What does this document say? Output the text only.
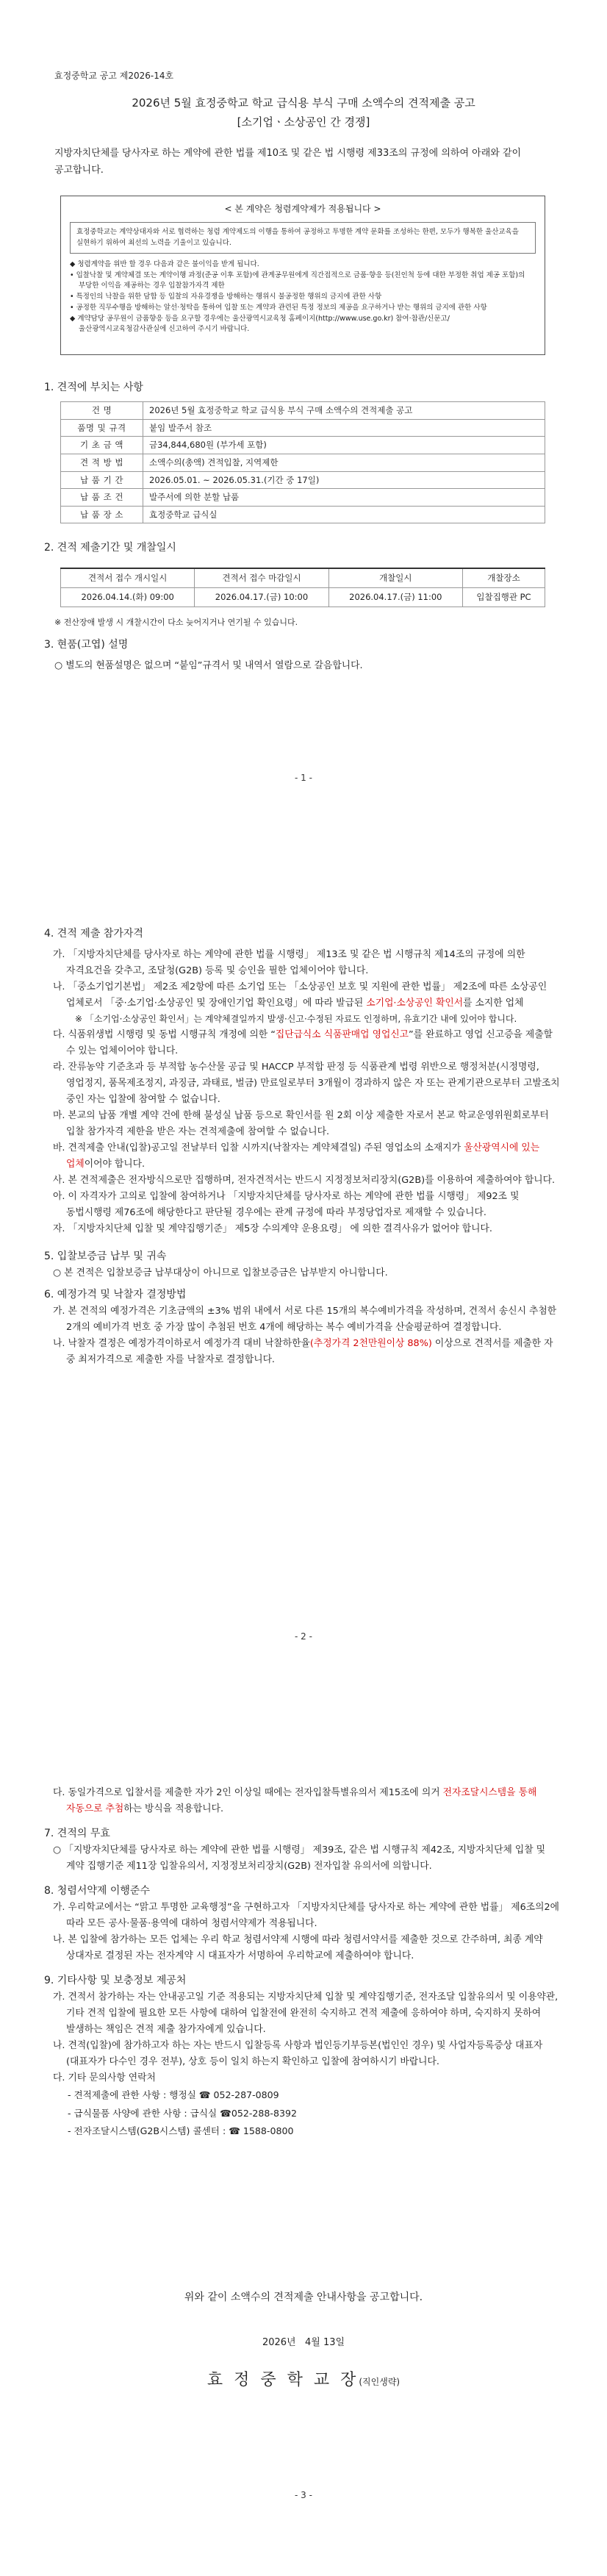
효정중학교 공고 제2026-14호
2026년 5월 효정중학교 학교 급식용 부식 구매 소액수의 견적제출 공고
[소기업ㆍ소상공인 간 경쟁]
지방자치단체를 당사자로 하는 계약에 관한 법률 제10조 및 같은 법 시행령 제33조의 규정에 의하여 아래와 같이 공고합니다.
< 본 계약은 청렴계약제가 적용됩니다 >
효정중학교는 계약상대자와 서로 협력하는 청렴 계약제도의 이행을 통하여 공정하고 투명한 계약 문화를 조성하는 한편, 모두가 행복한 울산교육을 실현하기 위하여 최선의 노력을 기울이고 있습니다.
◆ 청렴계약을 위반 할 경우 다음과 같은 불이익을 받게 됩니다.
• 입찰낙찰 및 계약체결 또는 계약이행 과정(준공 이후 포함)에 관계공무원에게 직간접적으로 금품·향응 등(친인척 등에 대한 부정한 취업 제공 포함)의 부당한 이익을 제공하는 경우 입찰참가자격 제한
• 특정인의 낙찰을 위한 담합 등 입찰의 자유경쟁을 방해하는 행위시 불공정한 행위의 금지에 관한 사항
• 공정한 직무수행을 방해하는 알선·청탁을 통하여 입찰 또는 계약과 관련된 특정 정보의 제공을 요구하거나 받는 행위의 금지에 관한 사항
◆ 계약담당 공무원이 금품향응 등을 요구할 경우에는 울산광역시교육청 홈페이지(http://www.use.go.kr) 참여·참관/신문고/울산광역시교육청감사관실에 신고하여 주시기 바랍니다.
1. 견적에 부치는 사항
건 명	2026년 5월 효정중학교 학교 급식용 부식 구매 소액수의 견적제출 공고
품명 및 규격	붙임 발주서 참조
기 초 금 액	금34,844,680원 (부가세 포함)
견 적 방 법	소액수의(총액) 견적입찰, 지역제한
납 품 기 간	2026.05.01. ~ 2026.05.31.(기간 중 17일)
납 품 조 건	발주서에 의한 분할 납품
납 품 장 소	효정중학교 급식실
2. 견적 제출기간 및 개찰일시
견적서 접수 개시일시	견적서 접수 마감일시	개찰일시	개찰장소
2026.04.14.(화) 09:00	2026.04.17.(금) 10:00	2026.04.17.(금) 11:00	입찰집행관 PC
※ 전산장애 발생 시 개찰시간이 다소 늦어지거나 연기될 수 있습니다.
3. 현품(고엽) 설명
○ 별도의 현품설명은 없으며 “붙임”규격서 및 내역서 열람으로 갈음합니다.
- 1 -
4. 견적 제출 참가자격

가. 「지방자치단체를 당사자로 하는 계약에 관한 법률 시행령」 제13조 및 같은 법 시행규칙 제14조의 규정에 의한 자격요건을 갖추고, 조달청(G2B) 등록 및 승인을 필한 업체이어야 합니다.

나. 「중소기업기본법」 제2조 제2항에 따른 소기업 또는 「소상공인 보호 및 지원에 관한 법률」 제2조에 따른 소상공인 업체로서 「중·소기업·소상공인 및 장애인기업 확인요령」에 따라 발급된 소기업·소상공인 확인서를 소지한 업체

※ 「소기업·소상공인 확인서」는 계약체결일까지 발생·신고·수정된 자료도 인정하며, 유효기간 내에 있어야 합니다.

다. 식품위생법 시행령 및 동법 시행규칙 개정에 의한 “집단급식소 식품판매업 영업신고”를 완료하고 영업 신고증을 제출할 수 있는 업체이어야 합니다.

라. 잔류농약 기준초과 등 부적합 농수산물 공급 및 HACCP 부적합 판정 등 식품관계 법령 위반으로 행정처분(시정명령, 영업정지, 품목제조정지, 과징금, 과태료, 벌금) 만료일로부터 3개월이 경과하지 않은 자 또는 관계기관으로부터 고발조치 중인 자는 입찰에 참여할 수 없습니다.

마. 본교의 납품 개별 계약 건에 한해 불성실 납품 등으로 확인서를 원 2회 이상 제출한 자로서 본교 학교운영위원회로부터 입찰 참가자격 제한을 받은 자는 견적제출에 참여할 수 없습니다.

바. 견적제출 안내(입찰)공고일 전날부터 입찰 시까지(낙찰자는 계약체결일) 주된 영업소의 소재지가 울산광역시에 있는 업체이어야 합니다.

사. 본 견적제출은 전자방식으로만 집행하며, 전자견적서는 반드시 지정정보처리장치(G2B)를 이용하여 제출하여야 합니다.

아. 이 자격자가 고의로 입찰에 참여하거나 「지방자치단체를 당사자로 하는 계약에 관한 법률 시행령」 제92조 및 동법시행령 제76조에 해당한다고 판단될 경우에는 관계 규정에 따라 부정당업자로 제재할 수 있습니다.

자. 「지방자치단체 입찰 및 계약집행기준」 제5장 수의계약 운용요령」 에 의한 결격사유가 없어야 합니다.

5. 입찰보증금 납부 및 귀속

○ 본 견적은 입찰보증금 납부대상이 아니므로 입찰보증금은 납부받지 아니합니다.

6. 예정가격 및 낙찰자 결정방법

가. 본 견적의 예정가격은 기초금액의 ±3% 범위 내에서 서로 다른 15개의 복수예비가격을 작성하며, 견적서 송신시 추첨한 2개의 예비가격 번호 중 가장 많이 추첨된 번호 4개에 해당하는 복수 예비가격을 산술평균하여 결정합니다.

나. 낙찰자 결정은 예정가격이하로서 예정가격 대비 낙찰하한율(추정가격 2천만원이상 88%) 이상으로 견적서를 제출한 자 중 최저가격으로 제출한 자를 낙찰자로 결정합니다.

- 2 -

다. 동일가격으로 입찰서를 제출한 자가 2인 이상일 때에는 전자입찰특별유의서 제15조에 의거 전자조달시스템을 통해 자동으로 추첨하는 방식을 적용합니다.

7. 견적의 무효

○ 「지방자치단체를 당사자로 하는 계약에 관한 법률 시행령」 제39조, 같은 법 시행규칙 제42조, 지방자치단체 입찰 및 계약 집행기준 제11장 입찰유의서, 지정정보처리장치(G2B) 전자입찰 유의서에 의합니다.

8. 청렴서약제 이행준수

가. 우리학교에서는 “맑고 투명한 교육행정”을 구현하고자 「지방자치단체를 당사자로 하는 계약에 관한 법률」 제6조의2에 따라 모든 공사·물품·용역에 대하여 청렴서약제가 적용됩니다.

나. 본 입찰에 참가하는 모든 업체는 우리 학교 청렴서약제 시행에 따라 청렴서약서를 제출한 것으로 간주하며, 최종 계약 상대자로 결정된 자는 전자계약 시 대표자가 서명하여 우리학교에 제출하여야 합니다.

9. 기타사항 및 보충정보 제공처

가. 견적서 참가하는 자는 안내공고일 기준 적용되는 지방자치단체 입찰 및 계약집행기준, 전자조달 입찰유의서 및 이용약관, 기타 견적 입찰에 필요한 모든 사항에 대하여 입찰전에 완전히 숙지하고 견적 제출에 응하여야 하며, 숙지하지 못하여 발생하는 책임은 견적 제출 참가자에게 있습니다.

나. 견적(입찰)에 참가하고자 하는 자는 반드시 입찰등록 사항과 법인등기부등본(법인인 경우) 및 사업자등록증상 대표자(대표자가 다수인 경우 전부), 상호 등이 일치 하는지 확인하고 입찰에 참여하시기 바랍니다.

다. 기타 문의사항 연락처

- 견적제출에 관한 사항 : 행정실 ☎ 052-287-0809
- 급식물품 사양에 관한 사항 : 급식실 ☎052-288-8392
- 전자조달시스템(G2B시스템) 콜센터 : ☎ 1588-0800
위와 같이 소액수의 견적제출 안내사항을 공고합니다.
2026년   4월 13일
효 정 중 학 교 장(직인생략)
- 3 -
